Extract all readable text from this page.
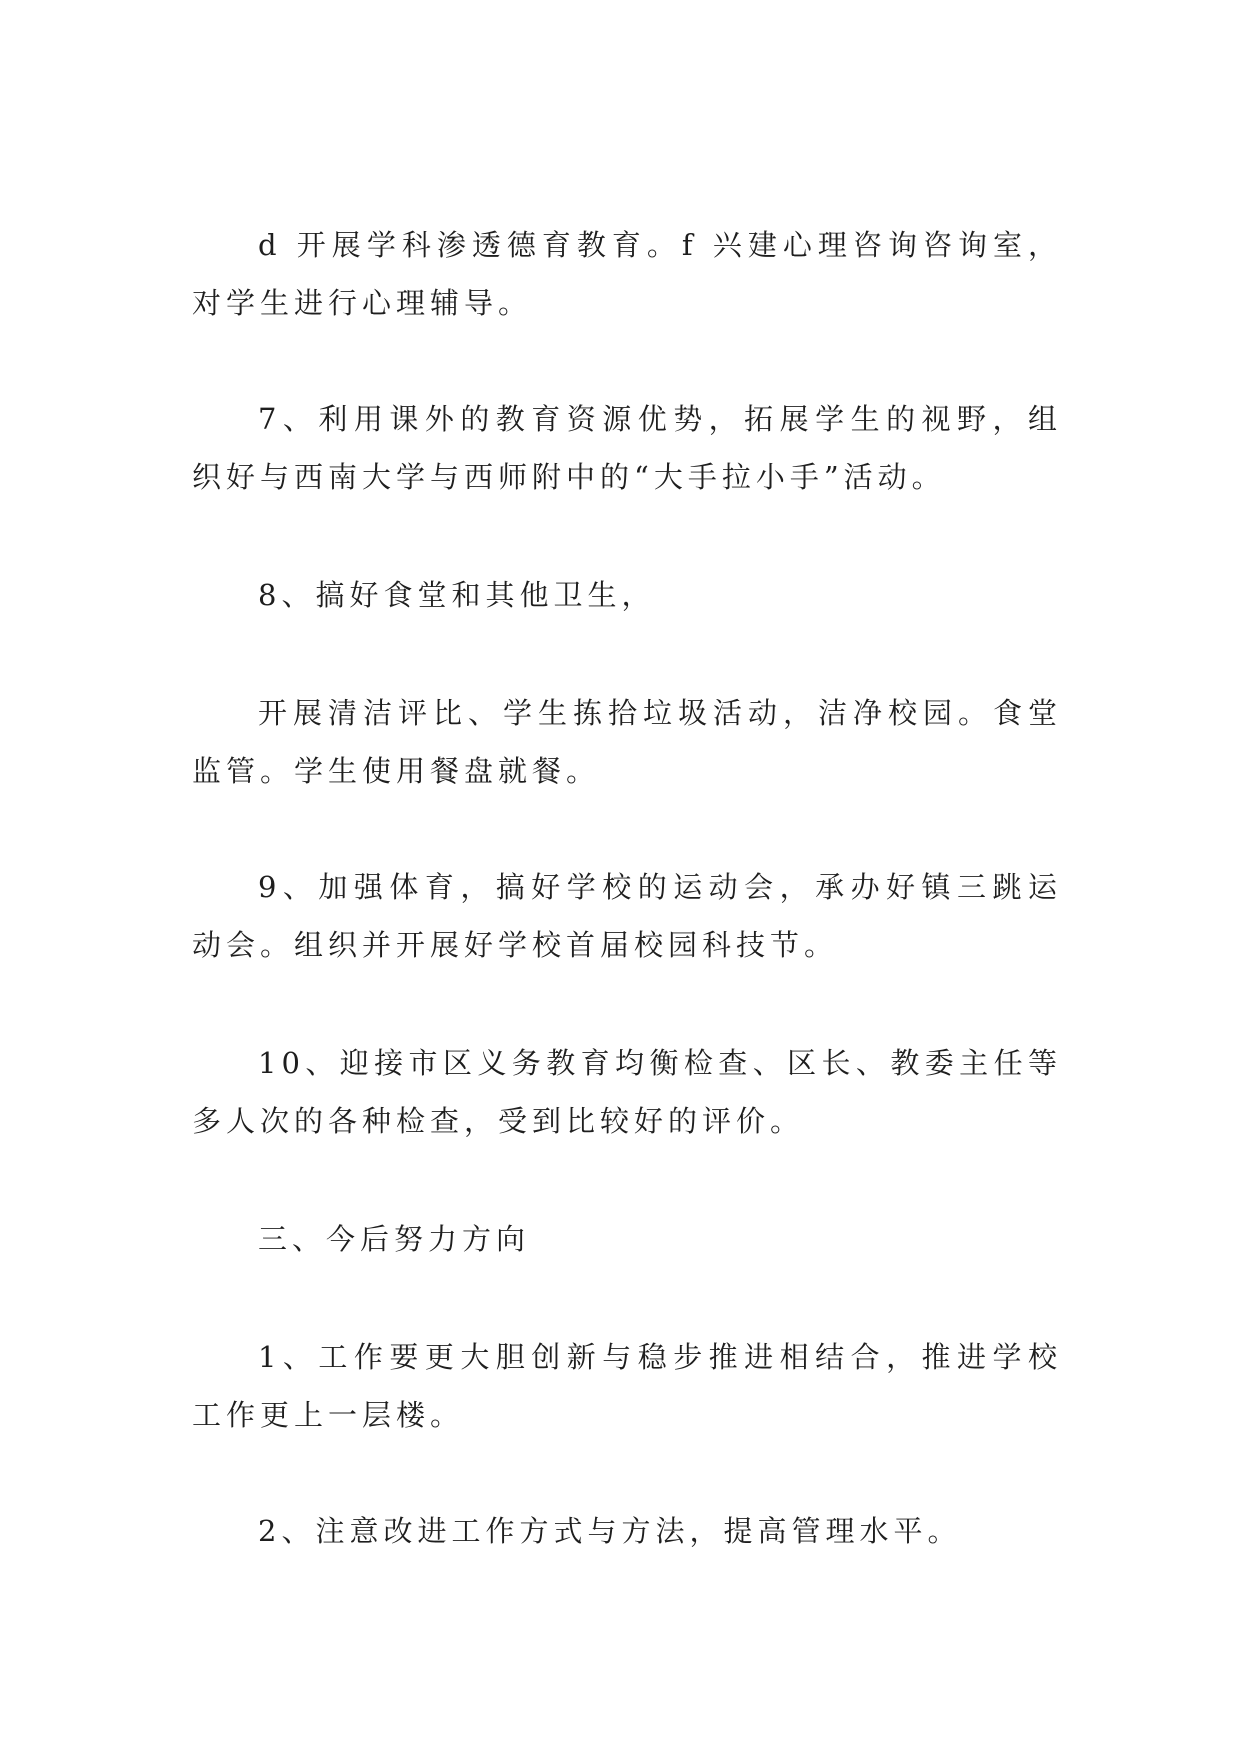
d 开展学科渗透德育教育。f 兴建心理咨询咨询室，对学生进行心理辅导。

7、利用课外的教育资源优势，拓展学生的视野，组织好与西南大学与西师附中的“大手拉小手”活动。

8、搞好食堂和其他卫生，

开展清洁评比、学生拣拾垃圾活动，洁净校园。食堂监管。学生使用餐盘就餐。

9、加强体育，搞好学校的运动会，承办好镇三跳运动会。组织并开展好学校首届校园科技节。

10、迎接市区义务教育均衡检查、区长、教委主任等多人次的各种检查，受到比较好的评价。

三、今后努力方向

1、工作要更大胆创新与稳步推进相结合，推进学校工作更上一层楼。

2、注意改进工作方式与方法，提高管理水平。
